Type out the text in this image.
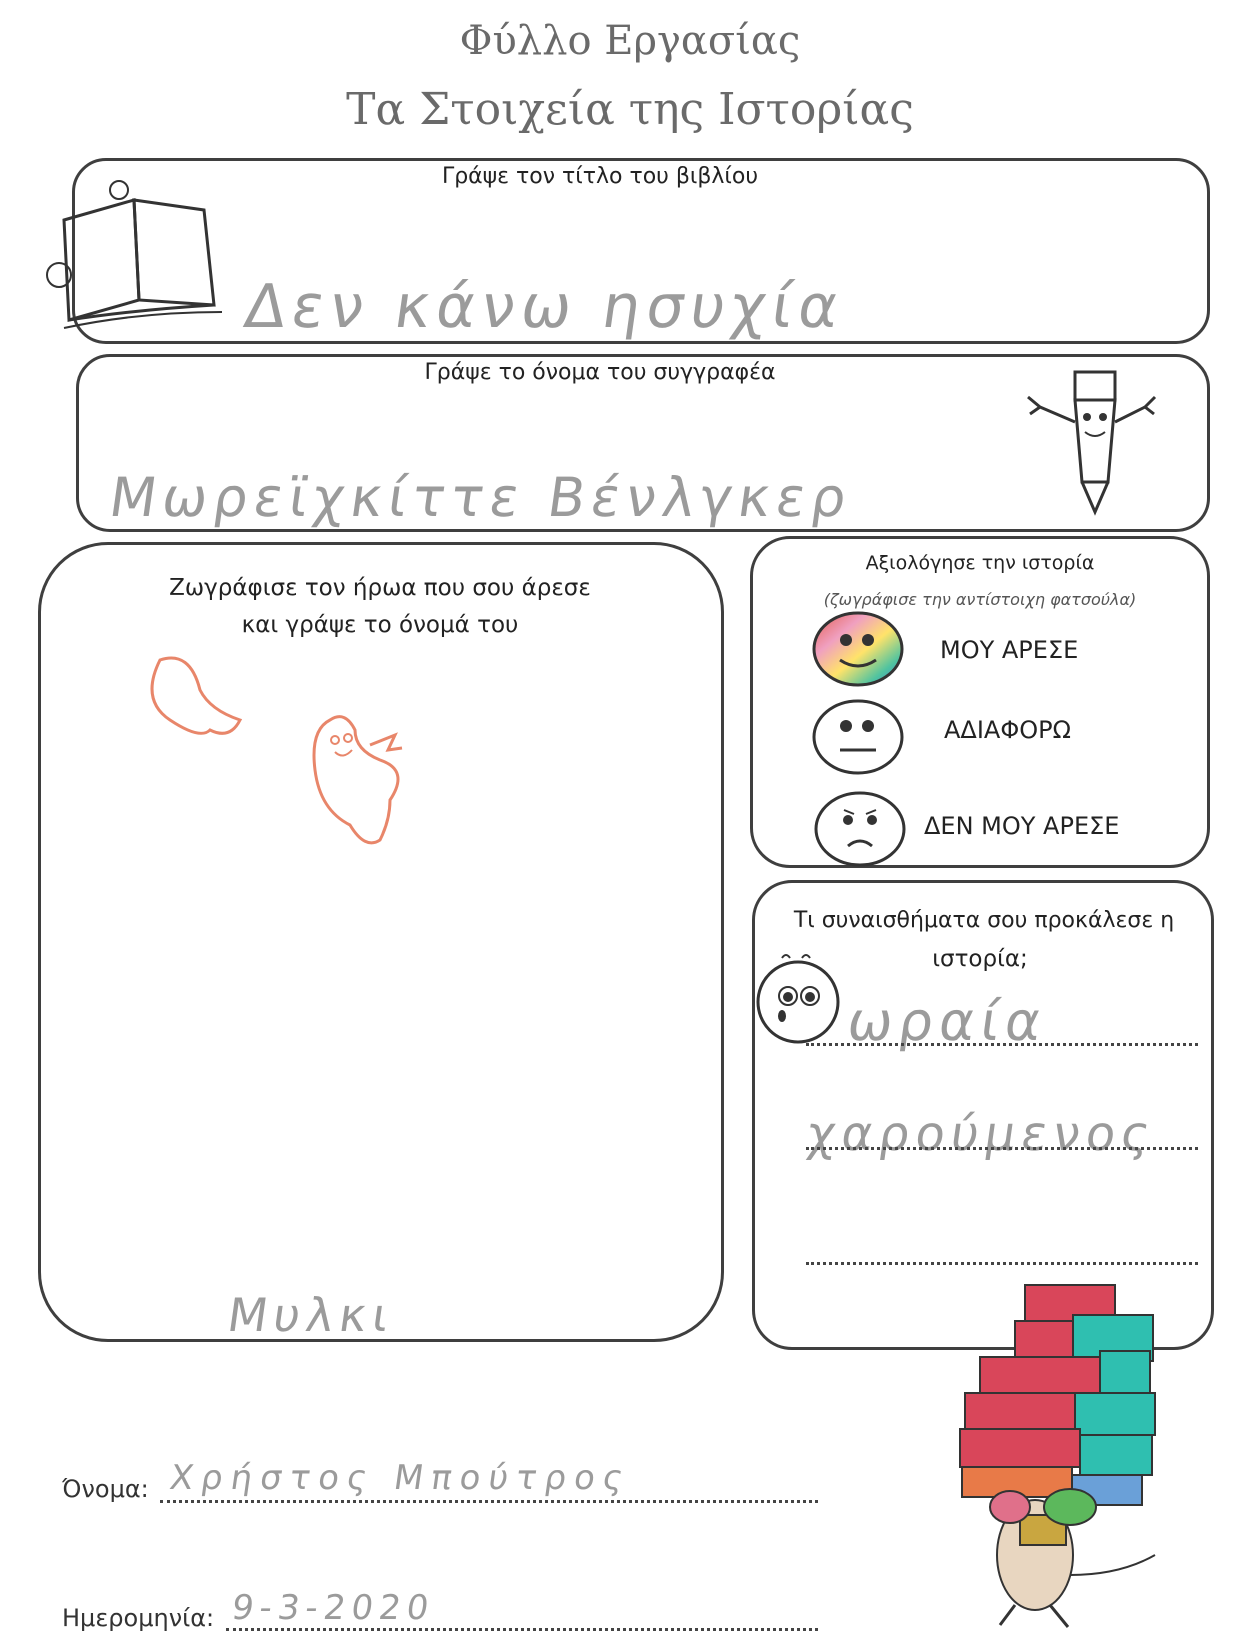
Φύλλο Εργασίας
Τα Στοιχεία της Ιστορίας
Γράψε τον τίτλο του βιβλίου
Δεν κάνω ησυχία
Γράψε το όνομα του συγγραφέα
Μωρεϊχκίττε Βένλγκερ
Ζωγράφισε τον ήρωα που σου άρεσε
και γράψε το όνομά του
Μυλκι
Αξιολόγησε την ιστορία
(ζωγράφισε την αντίστοιχη φατσούλα)
ΜΟΥ ΑΡΕΣΕ
ΑΔΙΑΦΟΡΩ
ΔΕΝ ΜΟΥ ΑΡΕΣΕ
Τι συναισθήματα σου προκάλεσε η
ιστορία;
ωραία
χαρούμενος
Όνομα: Χρήστος Μπούτρος
Ημερομηνία: 9-3-2020
